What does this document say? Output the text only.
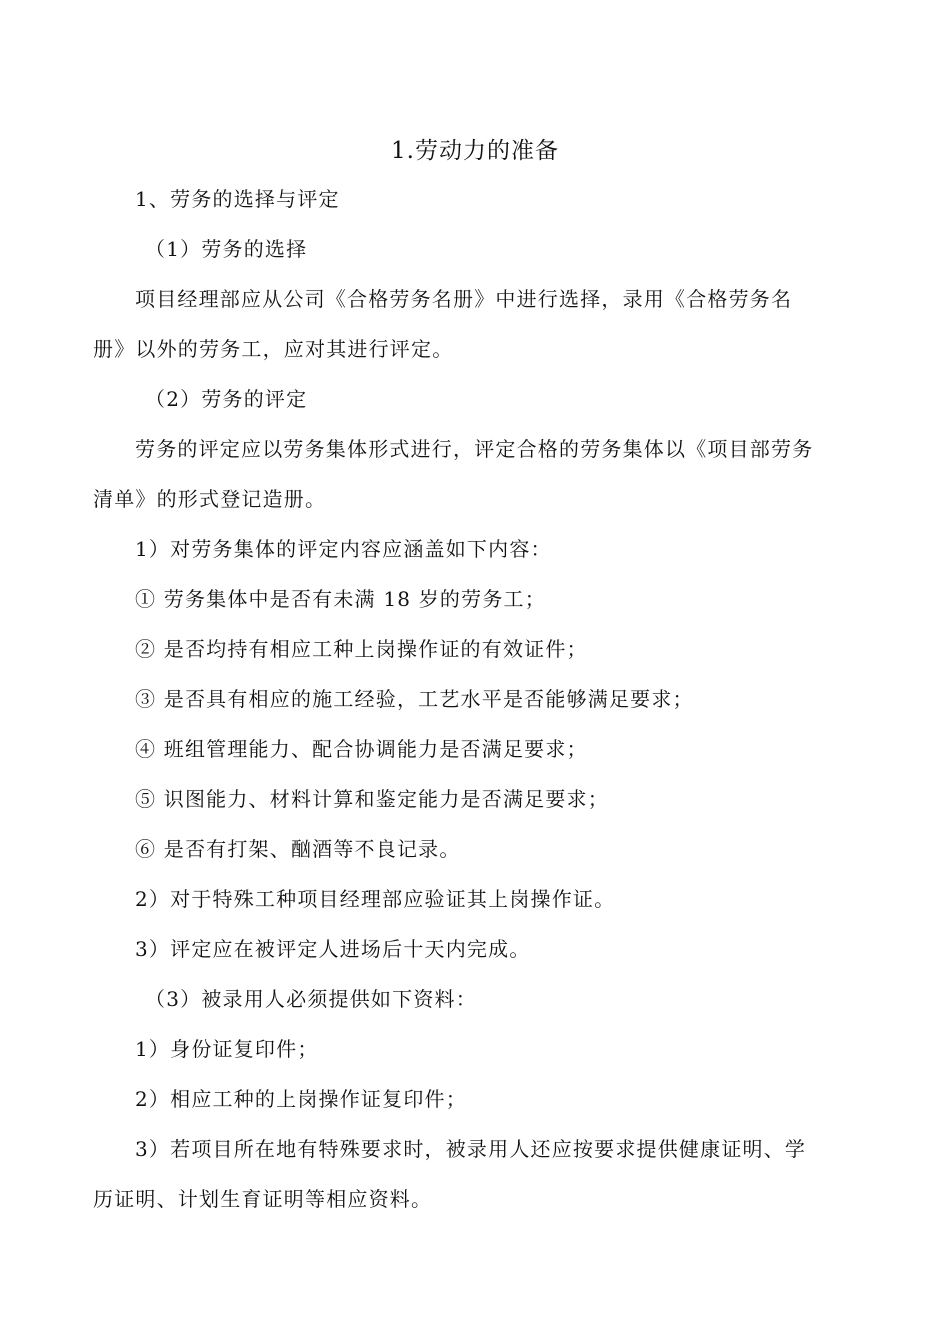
1.劳动力的准备
1、劳务的选择与评定
（1）劳务的选择
项目经理部应从公司《合格劳务名册》中进行选择，录用《合格劳务名
册》以外的劳务工，应对其进行评定。
（2）劳务的评定
劳务的评定应以劳务集体形式进行，评定合格的劳务集体以《项目部劳务
清单》的形式登记造册。
1）对劳务集体的评定内容应涵盖如下内容：
① 劳务集体中是否有未满 18 岁的劳务工；
② 是否均持有相应工种上岗操作证的有效证件；
③ 是否具有相应的施工经验，工艺水平是否能够满足要求；
④ 班组管理能力、配合协调能力是否满足要求；
⑤ 识图能力、材料计算和鉴定能力是否满足要求；
⑥ 是否有打架、酗酒等不良记录。
2）对于特殊工种项目经理部应验证其上岗操作证。
3）评定应在被评定人进场后十天内完成。
（3）被录用人必须提供如下资料：
1）身份证复印件；
2）相应工种的上岗操作证复印件；
3）若项目所在地有特殊要求时，被录用人还应按要求提供健康证明、学
历证明、计划生育证明等相应资料。
